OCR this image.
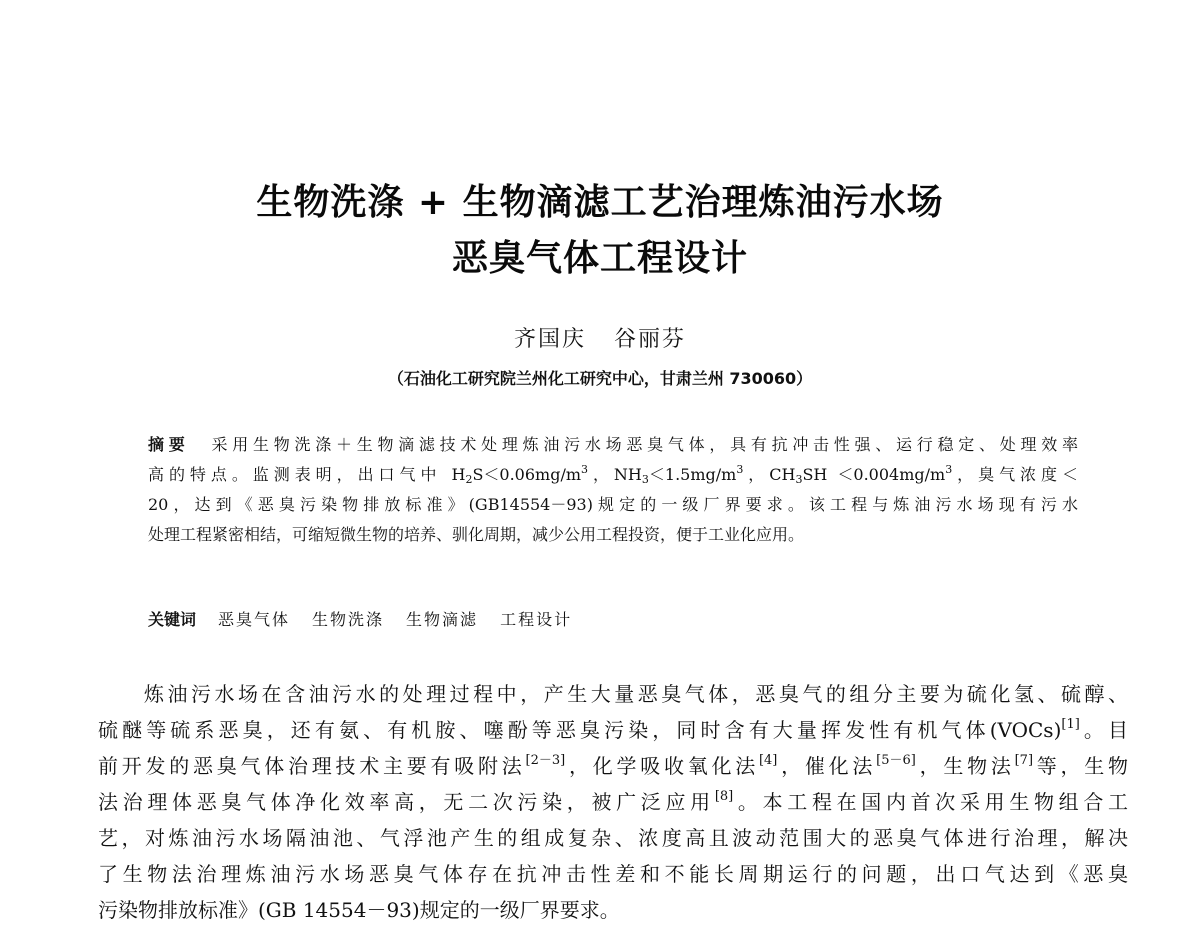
生物洗涤 + 生物滴滤工艺治理炼油污水场
恶臭气体工程设计
齐国庆 谷丽芬
（石油化工研究院兰州化工研究中心，甘肃兰州 730060）
摘要 采用生物洗涤＋生物滴滤技术处理炼油污水场恶臭气体，具有抗冲击性强、运行稳定、处理效率
高的特点。监测表明，出口气中 $H_2S<0.06mg/m^3$，$NH_3<1.5mg/m^3$，$CH_3SH <0.004mg/m^3$，臭气浓度＜
20，达到《恶臭污染物排放标准》(GB14554－93)规定的一级厂界要求。该工程与炼油污水场现有污水
处理工程紧密相结，可缩短微生物的培养、驯化周期，减少公用工程投资，便于工业化应用。
关键词 恶臭气体 生物洗涤 生物滴滤 工程设计
炼油污水场在含油污水的处理过程中，产生大量恶臭气体，恶臭气的组分主要为硫化氢、硫醇、
硫醚等硫系恶臭，还有氨、有机胺、噻酚等恶臭污染，同时含有大量挥发性有机气体(VOCs)[1]。目
前开发的恶臭气体治理技术主要有吸附法[2－3]，化学吸收氧化法[4]，催化法[5－6]，生物法[7]等，生物
法治理体恶臭气体净化效率高，无二次污染，被广泛应用[8]。本工程在国内首次采用生物组合工
艺，对炼油污水场隔油池、气浮池产生的组成复杂、浓度高且波动范围大的恶臭气体进行治理，解决
了生物法治理炼油污水场恶臭气体存在抗冲击性差和不能长周期运行的问题，出口气达到《恶臭
污染物排放标准》(GB 14554－93)规定的一级厂界要求。
